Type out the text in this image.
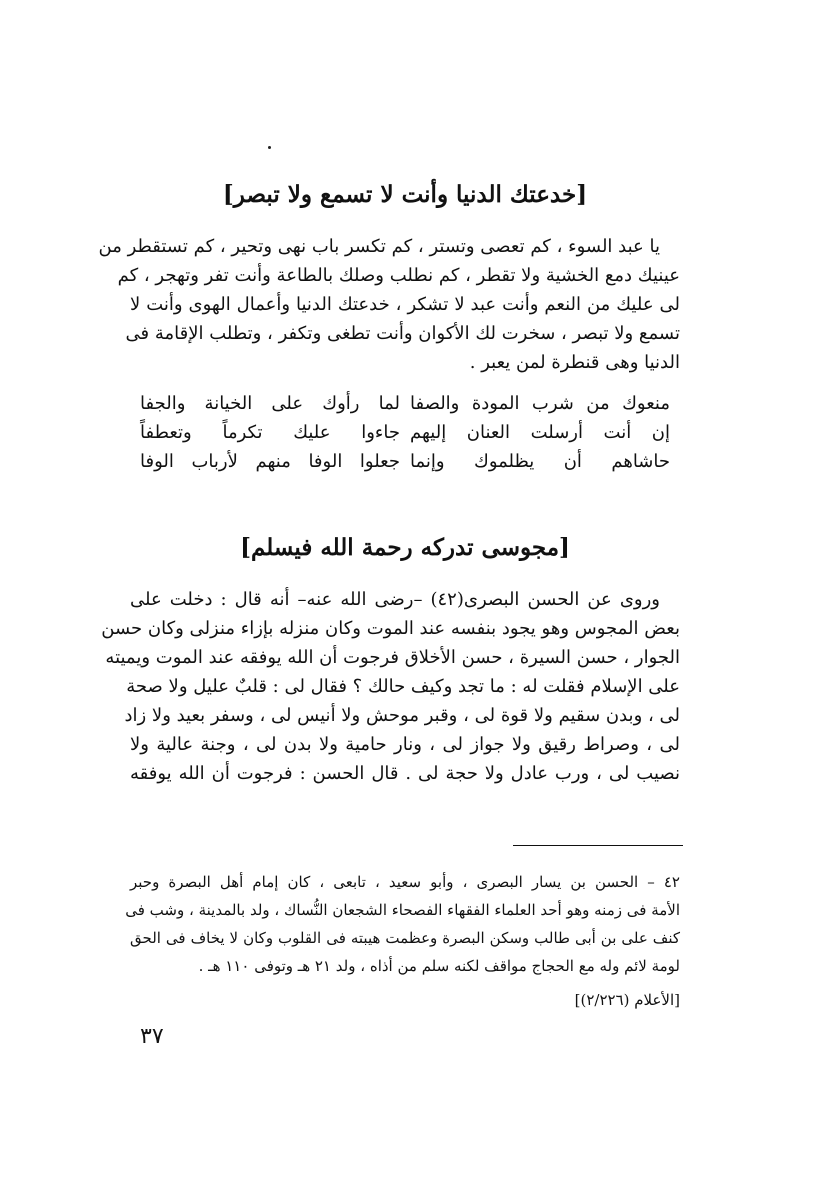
[خدعتك الدنيا وأنت لا تسمع ولا تبصر]
يا عبد السوء ، كم تعصى وتستر ، كم تكسر باب نهى وتحير ، كم تستقطر من
عينيك دمع الخشية ولا تقطر ، كم نطلب وصلك بالطاعة وأنت تفر وتهجر ، كم
لى عليك من النعم وأنت عبد لا تشكر ، خدعتك الدنيا وأعمال الهوى وأنت لا
تسمع ولا تبصر ، سخرت لك الأكوان وأنت تطغى وتكفر ، وتطلب الإقامة فى
الدنيا وهى قنطرة لمن يعبر .
منعوك من شرب المودة والصفا
لما رأوك على الخيانة والجفا
إن أنت أرسلت العنان إليهم
جاءوا عليك تكرماً وتعطفاً
حاشاهم أن يظلموك وإنما
جعلوا الوفا منهم لأرباب الوفا
[مجوسى تدركه رحمة الله فيسلم]
وروى عن الحسن البصرى(٤٢) –رضى الله عنه– أنه قال : دخلت على
بعض المجوس وهو يجود بنفسه عند الموت وكان منزله بإزاء منزلى وكان حسن
الجوار ، حسن السيرة ، حسن الأخلاق فرجوت أن الله يوفقه عند الموت ويميته
على الإسلام فقلت له : ما تجد وكيف حالك ؟ فقال لى : قلبٌ عليل ولا صحة
لى ، وبدن سقيم ولا قوة لى ، وقبر موحش ولا أنيس لى ، وسفر بعيد ولا زاد
لى ، وصراط رقيق ولا جواز لى ، ونار حامية ولا بدن لى ، وجنة عالية ولا
نصيب لى ، ورب عادل ولا حجة لى . قال الحسن : فرجوت أن الله يوفقه
٤٢ – الحسن بن يسار البصرى ، وأبو سعيد ، تابعى ، كان إمام أهل البصرة وحبر
الأمة فى زمنه وهو أحد العلماء الفقهاء الفصحاء الشجعان النُّساك ، ولد بالمدينة ، وشب فى
كنف على بن أبى طالب وسكن البصرة وعظمت هيبته فى القلوب وكان لا يخاف فى الحق
لومة لائم وله مع الحجاج مواقف لكنه سلم من أذاه ، ولد ٢١ هـ وتوفى ١١٠ هـ .
[الأعلام (٢/٢٢٦)]
٣٧
